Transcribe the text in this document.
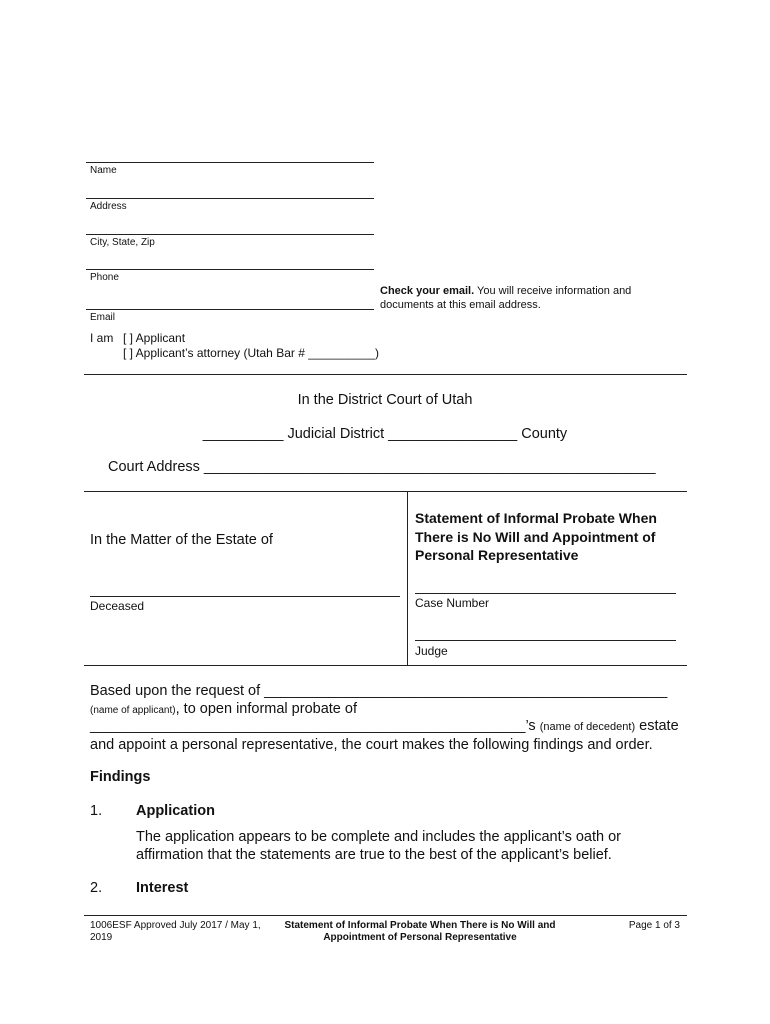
Name
Address
City, State, Zip
Phone
Email
Check your email. You will receive information and
documents at this email address.
I am [ ] Applicant
[ ] Applicant’s attorney (Utah Bar # __________)
In the District Court of Utah
__________ Judicial District ________________ County
Court Address ________________________________________________________
In the Matter of the Estate of
Deceased
Statement of Informal Probate When
There is No Will and Appointment of
Personal Representative
Case Number
Judge
Based upon the request of __________________________________________________
(name of applicant), to open informal probate of
______________________________________________________’s (name of decedent) estate
and appoint a personal representative, the court makes the following findings and order.
Findings
1. Application
The application appears to be complete and includes the applicant’s oath or
affirmation that the statements are true to the best of the applicant’s belief.
2. Interest
1006ESF Approved July 2017 / May 1,
2019
Statement of Informal Probate When There is No Will and
Appointment of Personal Representative
Page 1 of 3
